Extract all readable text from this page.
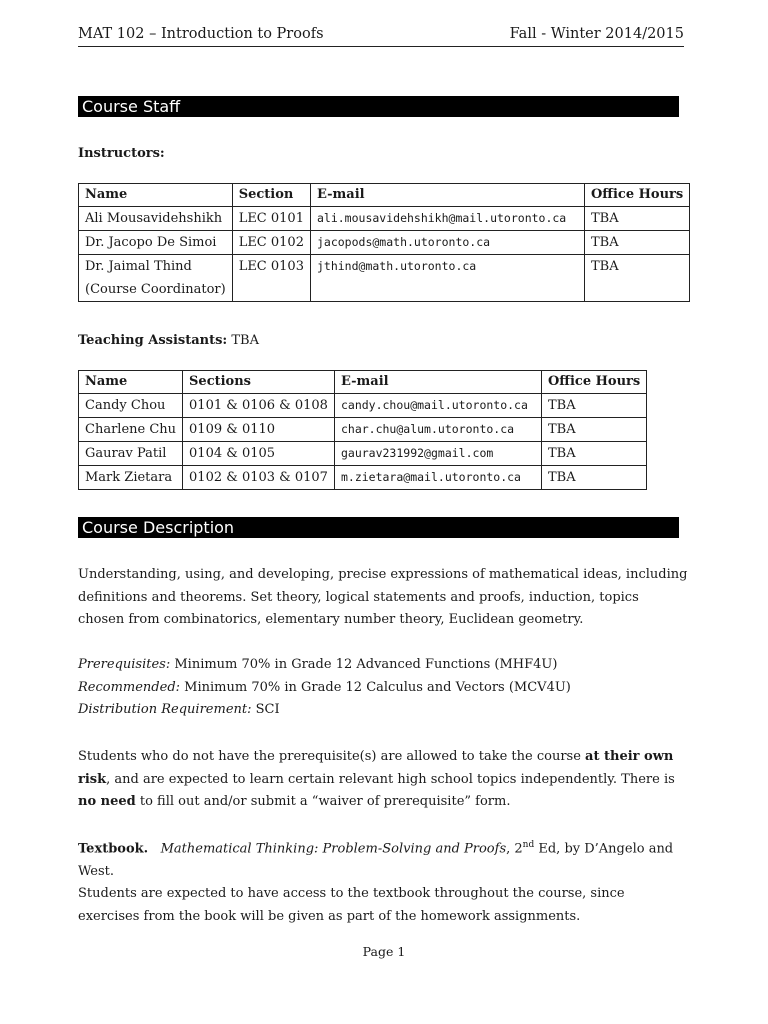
MAT 102 – Introduction to Proofs	Fall - Winter 2014/2015
Course Staff
Instructors:
Name	Section	E-mail	Office Hours
Ali Mousavidehshikh	LEC 0101	ali.mousavidehshikh@mail.utoronto.ca	TBA
Dr. Jacopo De Simoi	LEC 0102	jacopods@math.utoronto.ca	TBA

Dr. Jaimal Thind
(Course Coordinator)	LEC 0103	jthind@math.utoronto.ca	TBA
Teaching Assistants: TBA
Name	Sections	E-mail	Office Hours
Candy Chou	0101 & 0106 & 0108	candy.chou@mail.utoronto.ca	TBA
Charlene Chu	0109 & 0110	char.chu@alum.utoronto.ca	TBA
Gaurav Patil	0104 & 0105	gaurav231992@gmail.com	TBA
Mark Zietara	0102 & 0103 & 0107	m.zietara@mail.utoronto.ca	TBA
Course Description
Understanding, using, and developing, precise expressions of mathematical ideas, including definitions and theorems. Set theory, logical statements and proofs, induction, topics chosen from combinatorics, elementary number theory, Euclidean geometry.
Prerequisites: Minimum 70% in Grade 12 Advanced Functions (MHF4U)
Recommended: Minimum 70% in Grade 12 Calculus and Vectors (MCV4U)
Distribution Requirement: SCI
Students who do not have the prerequisite(s) are allowed to take the course at their own risk, and are expected to learn certain relevant high school topics independently. There is no need to fill out and/or submit a “waiver of prerequisite” form.
Textbook. Mathematical Thinking: Problem-Solving and Proofs, 2nd Ed, by D’Angelo and West.
Students are expected to have access to the textbook throughout the course, since exercises from the book will be given as part of the homework assignments.
Page 1
